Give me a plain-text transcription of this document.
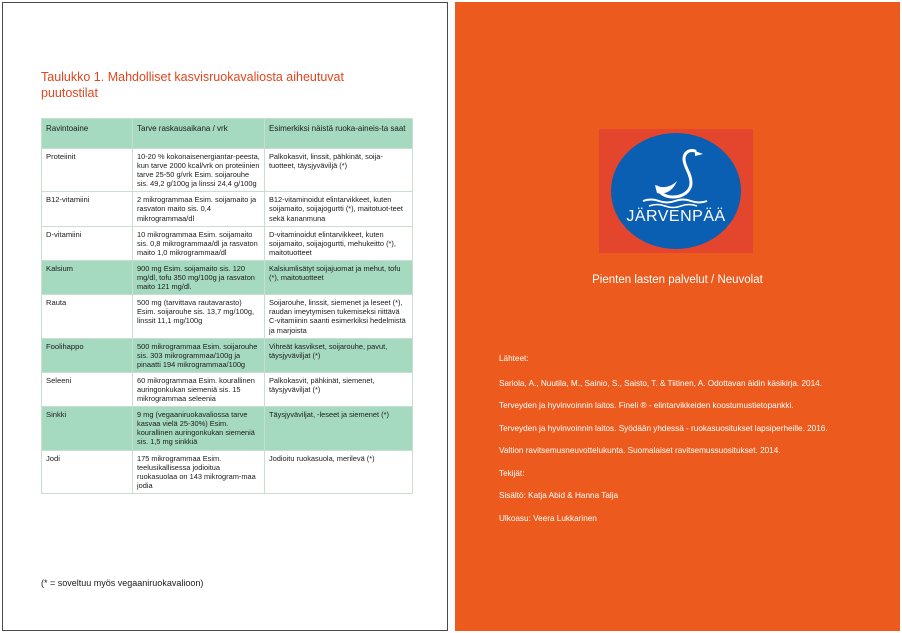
Taulukko 1. Mahdolliset kasvisruokavaliosta aiheutuvat puutostilat
Ravintoaine	Tarve raskausaikana / vrk	Esimerkiksi näistä ruoka-aineis-ta saat
Proteiinit	10-20 % kokonaisenergiantar-peesta, kun tarve 2000 kcal/vrk on proteiinien tarve 25-50 g/vrk Esim. soijarouhe sis. 49,2 g/100g ja linssi 24,4 g/100g	Palkokasvit, linssit, pähkinät, soija-tuotteet, täysjyväviljä (*)
B12-vitamiini	2 mikrogrammaa Esim. soijamaito ja rasvaton maito sis. 0,4 mikrogrammaa/dl	B12-vitaminoidut elintarvikkeet, kuten soijamaito, soijajogurtti (*), maitotuot-teet sekä kananmuna
D-vitamiini	10 mikrogrammaa Esim. soijamaito sis. 0,8 mikrogrammaa/dl ja rasvaton maito 1,0 mikrogrammaa/dl	D-vitaminoidut elintarvikkeet, kuten soijamaito, soijajogurtti, mehukeitto (*), maitotuotteet
Kalsium	900 mg Esim. soijamaito sis. 120 mg/dl, tofu 350 mg/100g ja rasvaton maito 121 mg/dl.	Kalsiumlisätyt soijajuomat ja mehut, tofu (*), maitotuotteet
Rauta	500 mg (tarvittava rautavarasto) Esim. soijarouhe sis. 13,7 mg/100g, linssit 11,1 mg/100g	Soijarouhe, linssit, siemenet ja leseet (*), raudan imeytymisen tukemiseksi riittävä C-vitamiinin saanti esimerkiksi hedelmistä ja marjoista
Foolihappo	500 mikrogrammaa Esim. soijarouhe sis. 303 mikrogrammaa/100g ja pinaatti 194 mikrogrammaa/100g	Vihreät kasvikset, soijarouhe, pavut, täysjyväviljat (*)
Seleeni	60 mikrogrammaa Esim. kourallinen auringonkukan siemeniä sis. 15 mikrogrammaa seleenia	Palkokasvit, pähkinät, siemenet, täysjyväviljat (*)
Sinkki	9 mg (vegaaniruokavaliossa tarve kasvaa vielä 25-30%) Esim. kourallinen auringonkukan siemeniä sis. 1,5 mg sinkkiä	Täysjyväviljat, -leseet ja siemenet (*)
Jodi	175 mikrogrammaa Esim. teelusikallisessa jodioitua ruokasuolaa on 143 mikrogram-maa jodia	Jodioitu ruokasuola, merilevä (*)
(* = soveltuu myös vegaaniruokavalioon)
JÄRVENPÄÄ
Pienten lasten palvelut / Neuvolat

Lähteet:

Sariola, A., Nuutila, M., Sainio, S., Saisto, T. & Tiitinen, A. Odottavan äidin käsikirja. 2014.

Terveyden ja hyvinvoinnin laitos. Fineli ® - elintarvikkeiden koostumustietopankki.

Terveyden ja hyvinvoinnin laitos. Syödään yhdessä - ruokasuositukset lapsiperheille. 2016.

Valtion ravitsemusneuvottelukunta. Suomalaiset ravitsemussuositukset. 2014.

Tekijät:

Sisältö: Katja Abid & Hanna Talja

Ulkoasu: Veera Lukkarinen
